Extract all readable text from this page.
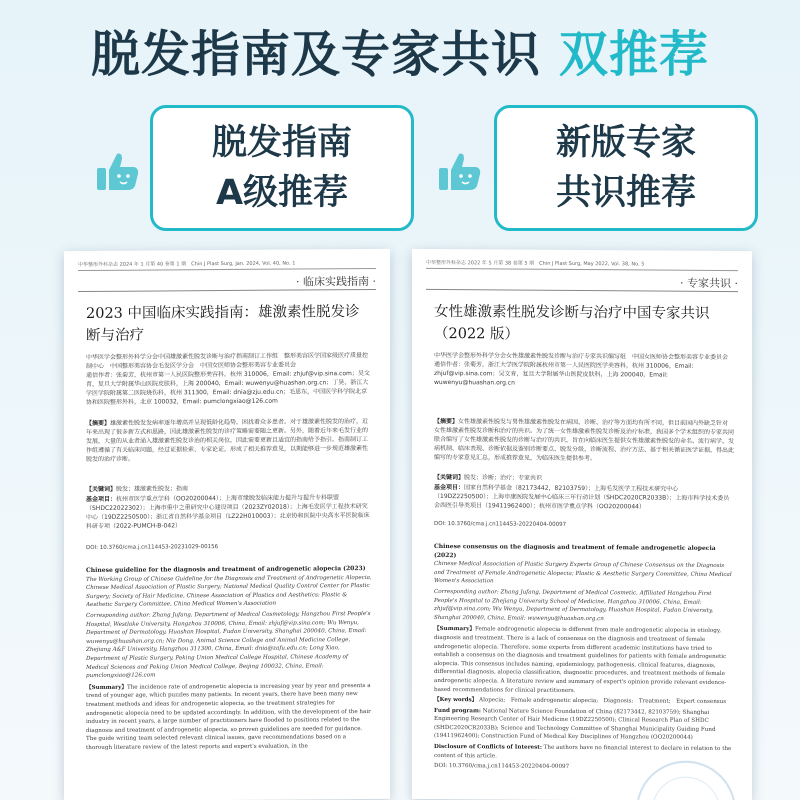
脱发指南及专家共识 双推荐
脱发指南
A级推荐
新版专家
共识推荐
中华整形外科杂志 2024 年 1 月第 40 卷第 1 期　Chin J Plast Surg, Jan. 2024, Vol. 40, No. 1
· 临床实践指南 ·
2023 中国临床实践指南：雄激素性脱发诊断与治疗
中华医学会整形外科学分会中国雄激素性脱发诊断与治疗指南制订工作组　整形美容医学国家级医疗质量控制中心　中国整形美容协会毛发医学分会　中国女医师协会整形美容专业委员会
通信作者：张菊芳，杭州市第一人民医院整形美容科，杭州 310006，Email: zhjuf@vip.sina.com；吴文育，复旦大学附属华山医院皮肤科，上海 200040，Email: wuwenyu@huashan.org.cn；丁昊，浙江大学医学院附属第二医院烧伤科，杭州 311300，Email: dnia@zju.edu.cn；毛思东，中国医学科学院北京协和医院整形外科，北京 100032，Email: pumclongxiao@126.com
【摘要】雄激素性脱发发病率逐年增高并呈现低龄化趋势，困扰着众多患者。对于雄激素性脱发的治疗，近年来出现了很多新方式和思路，因此雄激素性脱发的诊疗策略需要随之更新。另外，随着近年来毛发行业的发展，大量的从业者涌入雄激素性脱发诊治的相关岗位，因此需要更新且适宜的指南给予指引。指南制订工作组遵循了有关临床问题，经过证据检索、专家论证，形成了相关推荐意见，以期能够进一步规范雄激素性脱发的治疗诊断。
【关键词】脱发；雄激素性脱发；指南
基金项目：杭州市医学重点学科（OO20200044）；上海市缘脱发临床能力提升与提升专科联盟（SHDC22022302）；上海市重中之重研究中心建设项目（2023ZY02018）；上海毛发医学工程技术研究中心（19DZ2250500）；浙江省自然科学基金项目（LZ22H010003）；北京协和医院中央高水平医院临床科研专项（2022-PUMCH-B-042）
DOI: 10.3760/cma.j.cn114453-20231029-00156
Chinese guideline for the diagnosis and treatment of androgenetic alopecia (2023)
The Working Group of Chinese Guideline for the Diagnosis and Treatment of Androgenetic Alopecia, Chinese Medical Association of Plastic Surgery; National Medical Quality Control Center for Plastic Surgery; Society of Hair Medicine, Chinese Association of Plastics and Aesthetics; Plastic & Aesthetic Surgery Committee, China Medical Women's Association
Corresponding author: Zhang Jufang, Department of Medical Cosmetology, Hangzhou First People's Hospital, Westlake University, Hangzhou 310006, China, Email: zhjuf@vip.sina.com; Wu Wenyu, Department of Dermatology, Huashan Hospital, Fudan University, Shanghai 200040, China, Email: wuwenyu@huashan.org.cn; Nie Dong, Animal Science College and Animal Medicine College, Zhejiang A&F University, Hangzhou 311300, China, Email: dnia@zafu.edu.cn; Long Xiao, Department of Plastic Surgery, Peking Union Medical College Hospital, Chinese Academy of Medical Sciences and Peking Union Medical College, Beijing 100032, China, Email: pumclongxiao@126.com
【Summary】The incidence rate of androgenetic alopecia is increasing year by year and presents a trend of younger age, which puzzles many patients. In recent years, there have been many new treatment methods and ideas for androgenetic alopecia, so the treatment strategies for androgenetic alopecia need to be updated accordingly. In addition, with the development of the hair industry in recent years, a large number of practitioners have flooded to positions related to the diagnosis and treatment of androgenetic alopecia, so proven guidelines are needed for guidance. The guide writing team selected relevant clinical issues, gave recommendations based on a thorough literature review of the latest reports and expert's evaluation, in the
中华整形外科杂志 2022 年 5 月第 38 卷第 5 期　Chin J Plast Surg, May 2022, Vol. 38, No. 5
· 专家共识 ·
女性雄激素性脱发诊断与治疗中国专家共识（2022 版）
中华医学会整形外科学分会女性雄激素性脱发诊断与治疗专家共识编写组　中国女医师协会整形美容专业委员会
通信作者：张菊芳，浙江大学医学院附属杭州市第一人民医院医学美容科，杭州 310006，Email: zhjuf@vip.sina.com；吴文育，复旦大学附属华山医院皮肤科，上海 200040，Email: wuwenyu@huashan.org.cn
【摘要】女性雄激素性脱发与男性雄激素性脱发在病因、诊断、治疗等方面均有所不同，但目前国内外缺乏针对女性雄激素性脱发诊断和治疗的共识。为了统一女性雄激素性脱发诊断及治疗标准，我国多个学术组织的专家共同联合编写了女性雄激素性脱发的诊断与治疗的共识，旨在向临床医生提供女性雄激素性脱发的命名、流行病学、发病机制、临床表现、诊断依据及鉴别诊断要点、脱发分级、诊断流程、治疗方法、基于相关循证医学证据，得出此编写的专家意见汇总，形成推荐意见，为临床医生提供参考。
【关键词】脱发；诊断；治疗；专家共识
基金项目：国家自然科学基金（82173442，82103759）；上海毛发医学工程技术研究中心（19DZ2250500）；上海申康医院发展中心临床三年行动计划（SHDC2020CR2033B）；上海市科学技术委员会西医引导类项目（19411962400）；杭州市医学重点学科（OO20200044）
DOI: 10.3760/cma.j.cn114453-20220404-00097
Chinese consensus on the diagnosis and treatment of female androgenetic alopecia (2022)
Chinese Medical Association of Plastic Surgery Experts Group of Chinese Consensus on the Diagnosis and Treatment of Female Androgenetic Alopecia; Plastic & Aesthetic Surgery Committee, China Medical Women's Association
Corresponding author: Zhang Jufang, Department of Medical Cosmetic, Affiliated Hangzhou First People's Hospital to Zhejiang University School of Medicine, Hangzhou 310006, China, Email: zhjuf@vip.sina.com; Wu Wenyu, Department of Dermatology, Huashan Hospital, Fudan University, Shanghai 200040, China, Email: wuwenyu@huashan.org.cn
【Summary】Female androgenetic alopecia is different from male androgenetic alopecia in etiology, diagnosis and treatment. There is a lack of consensus on the diagnosis and treatment of female androgenetic alopecia. Therefore, some experts from different academic institutions have tried to establish a consensus on the diagnosis and treatment guidelines for patients with female androgenetic alopecia. This consensus includes naming, epidemiology, pathogenesis, clinical features, diagnosis, differential diagnosis, alopecia classification, diagnostic procedures, and treatment methods of female androgenetic alopecia. A literature review and summary of expert's opinion provide relevant evidence-based recommendations for clinical practitioners.
【Key words】 Alopecia;　Female androgenetic alopecia;　Diagnosis;　Treatment;　Expert consensus
Fund program: National Nature Science Foundation of China (82173442, 82103759); Shanghai Engineering Research Center of Hair Medicine (19DZ2250500); Clinical Research Plan of SHDC (SHDC2020CR2033B); Science and Technology Committee of Shanghai Municipality Guiding Fund (19411962400); Construction Fund of Medical Key Disciplines of Hangzhou (OO20200044)
Disclosure of Conflicts of Interest: The authors have no financial interest to declare in relation to the content of this article.
DOI: 10.3760/cma.j.cn114453-20220404-00097
